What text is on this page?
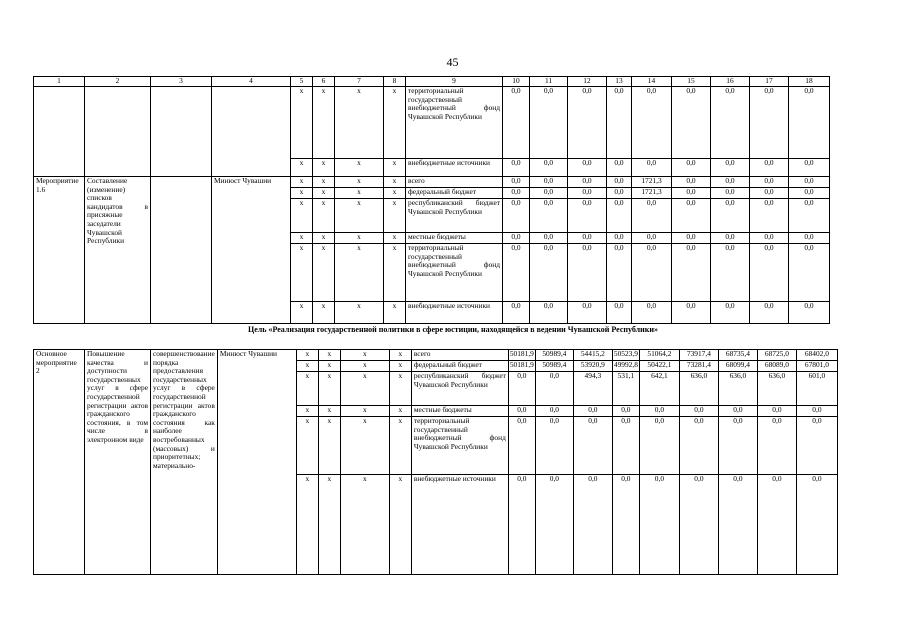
45
1	2	3	4	5	6	7	8	9	10	11	12	13	14	15	16	17	18
				х	х	х	х	территориальный государственный внебюджетный фонд Чувашской Республики	0,0	0,0	0,0	0,0	0,0	0,0	0,0	0,0	0,0
				х	х	х	х	внебюджетные источники	0,0	0,0	0,0	0,0	0,0	0,0	0,0	0,0	0,0
Мероприятие 1.6	Составление (изменение) списков кандидатов в присяжные заседатели Чувашской Республики		Минюст Чувашии	х	х	х	х	всего	0,0	0,0	0,0	0,0	1721,3	0,0	0,0	0,0	0,0
				х	х	х	х	федеральный бюджет	0,0	0,0	0,0	0,0	1721,3	0,0	0,0	0,0	0,0
				х	х	х	х	республиканский бюджет Чувашской Республики	0,0	0,0	0,0	0,0	0,0	0,0	0,0	0,0	0,0
				х	х	х	х	местные бюджеты	0,0	0,0	0,0	0,0	0,0	0,0	0,0	0,0	0,0
				х	х	х	х	территориальный государственный внебюджетный фонд Чувашской Республики	0,0	0,0	0,0	0,0	0,0	0,0	0,0	0,0	0,0
				х	х	х	х	внебюджетные источники	0,0	0,0	0,0	0,0	0,0	0,0	0,0	0,0	0,0
Цель «Реализация государственной политики в сфере юстиции, находящейся в ведении Чувашской Республики»
Основное мероприятие 2	Повышение качества и доступности государственных услуг в сфере государственной регистрации актов гражданского состояния, в том числе в электронном виде	совершенствование порядка предоставления государственных услуг в сфере государственной регистрации актов гражданского состояния как наиболее востребованных (массовых) и приоритетных; материально-	Минюст Чувашии	х	х	х	х	всего	50181,9	50989,4	54415,2	50523,9	51064,2	73917,4	68735,4	68725,0	68402,0
				х	х	х	х	федеральный бюджет	50181,9	50989,4	53920,9	49992,8	50422,1	73281,4	68099,4	68089,0	67801,0
				х	х	х	х	республиканский бюджет Чувашской Республики	0,0	0,0	494,3	531,1	642,1	636,0	636,0	636,0	601,0
				х	х	х	х	местные бюджеты	0,0	0,0	0,0	0,0	0,0	0,0	0,0	0,0	0,0
				х	х	х	х	территориальный государственный внебюджетный фонд Чувашской Республики	0,0	0,0	0,0	0,0	0,0	0,0	0,0	0,0	0,0
				х	х	х	х	внебюджетные источники	0,0	0,0	0,0	0,0	0,0	0,0	0,0	0,0	0,0
